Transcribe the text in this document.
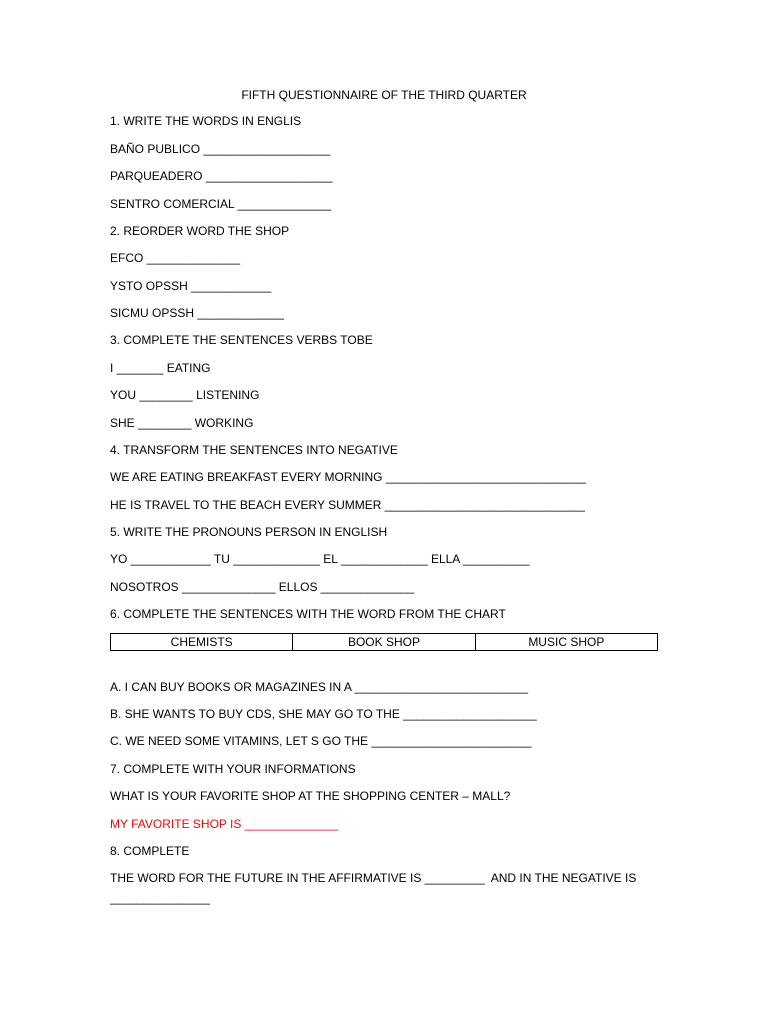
FIFTH QUESTIONNAIRE OF THE THIRD QUARTER
1. WRITE THE WORDS IN ENGLIS
BAÑO PUBLICO ___________________
PARQUEADERO ___________________
SENTRO COMERCIAL ______________
2. REORDER WORD THE SHOP
EFCO ______________
YSTO OPSSH ____________
SICMU OPSSH _____________
3. COMPLETE THE SENTENCES VERBS TOBE
I _______ EATING
YOU ________ LISTENING
SHE ________ WORKING
4. TRANSFORM THE SENTENCES INTO NEGATIVE
WE ARE EATING BREAKFAST EVERY MORNING ______________________________
HE IS TRAVEL TO THE BEACH EVERY SUMMER ______________________________
5. WRITE THE PRONOUNS PERSON IN ENGLISH
YO ____________ TU _____________ EL _____________ ELLA __________
NOSOTROS ______________ ELLOS ______________
6. COMPLETE THE SENTENCES WITH THE WORD FROM THE CHART
CHEMISTS	BOOK SHOP	MUSIC SHOP
A. I CAN BUY BOOKS OR MAGAZINES IN A __________________________
B. SHE WANTS TO BUY CDS, SHE MAY GO TO THE ____________________
C. WE NEED SOME VITAMINS, LET S GO THE ________________________
7. COMPLETE WITH YOUR INFORMATIONS
WHAT IS YOUR FAVORITE SHOP AT THE SHOPPING CENTER – MALL?
MY FAVORITE SHOP IS ______________
8. COMPLETE
THE WORD FOR THE FUTURE IN THE AFFIRMATIVE IS _________  AND IN THE NEGATIVE IS
_______________
